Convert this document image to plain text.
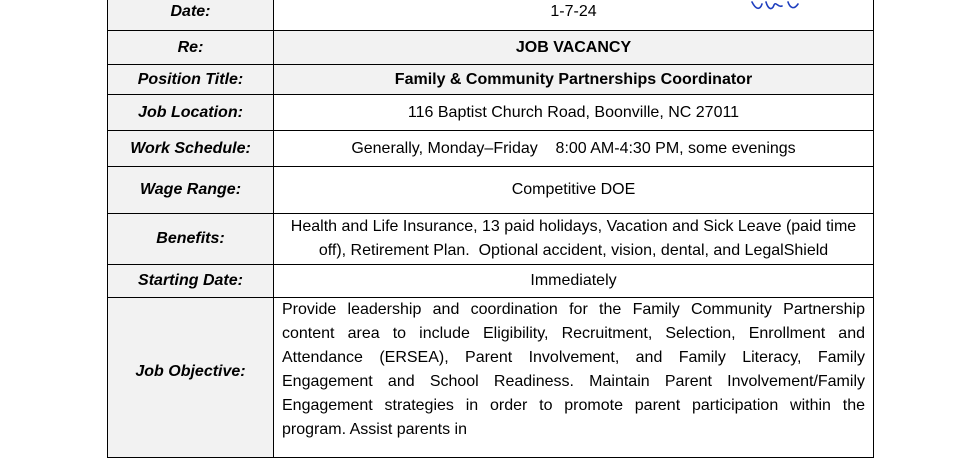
Date:	1-7-24
Re:	JOB VACANCY
Position Title:	Family & Community Partnerships Coordinator
Job Location:	116 Baptist Church Road, Boonville, NC 27011
Work Schedule:	Generally, Monday–Friday    8:00 AM-4:30 PM, some evenings
Wage Range:	Competitive DOE
Benefits:	Health and Life Insurance, 13 paid holidays, Vacation and Sick Leave (paid time off), Retirement Plan.  Optional accident, vision, dental, and LegalShield
Starting Date:	Immediately
Job Objective:	Provide leadership and coordination for the Family Community Partnership content area to include Eligibility, Recruitment, Selection, Enrollment and Attendance (ERSEA), Parent Involvement, and Family Literacy, Family Engagement and School Readiness. Maintain Parent Involvement/Family Engagement strategies in order to promote parent participation within the program. Assist parents in
